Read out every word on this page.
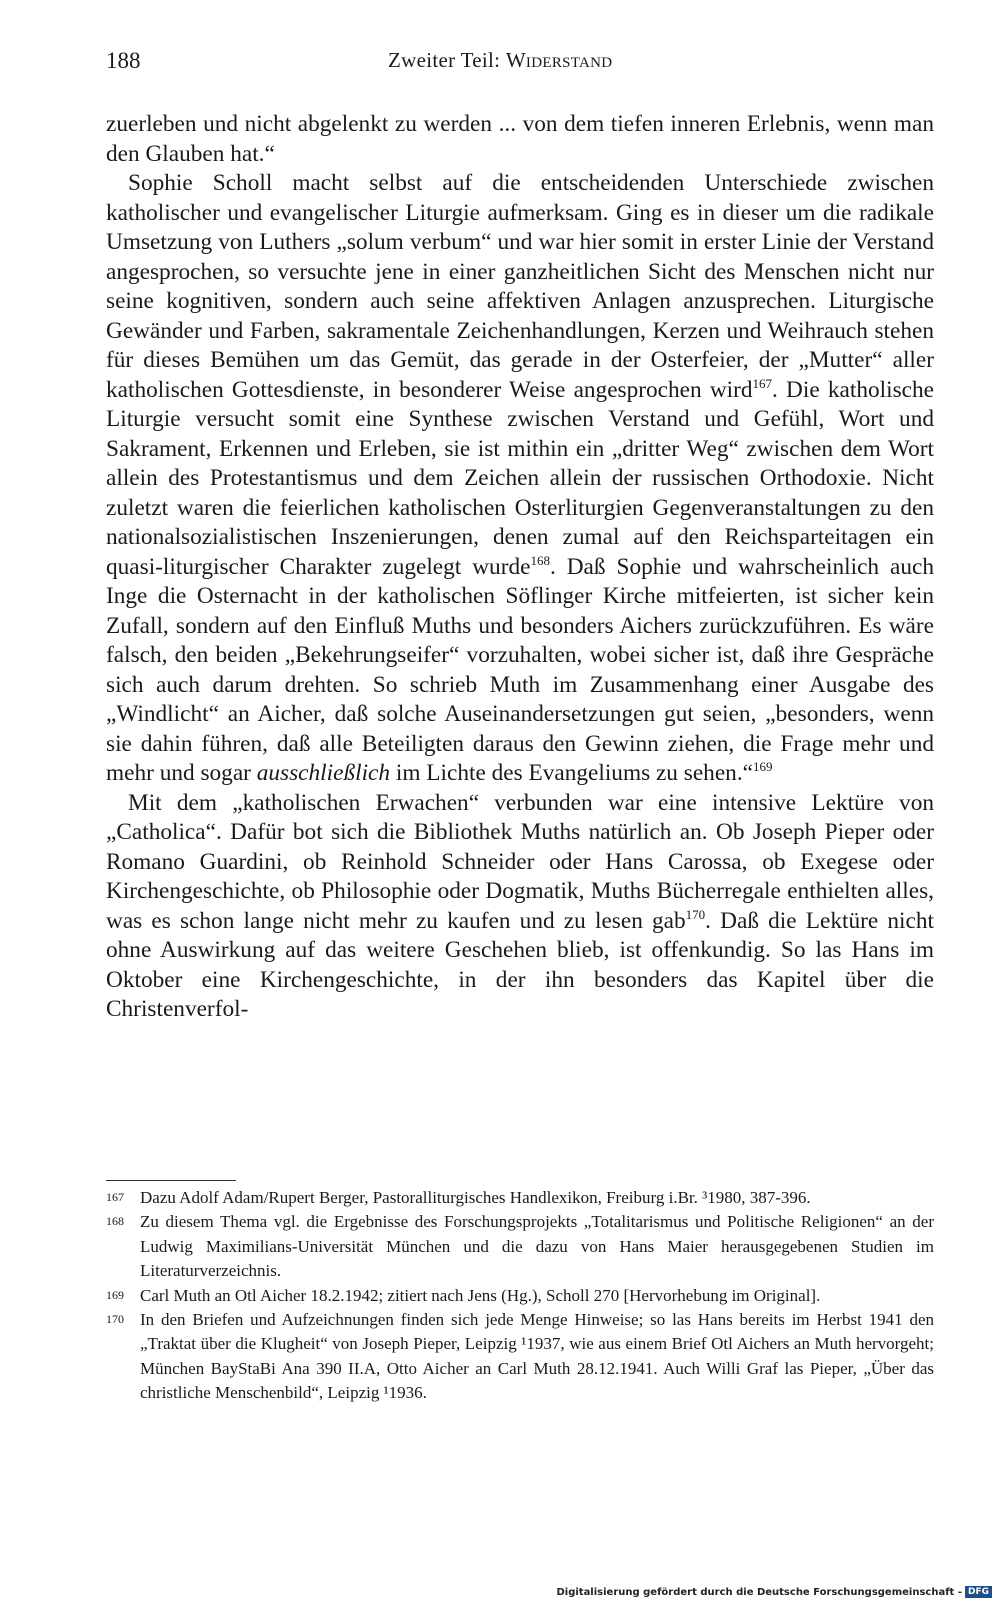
188	Zweiter Teil: Widerstand

zuerleben und nicht abgelenkt zu werden ... von dem tiefen inneren Erlebnis, wenn man den Glauben hat.“

Sophie Scholl macht selbst auf die entscheidenden Unterschiede zwischen katholischer und evangelischer Liturgie aufmerksam. Ging es in dieser um die radikale Umsetzung von Luthers „solum verbum“ und war hier somit in erster Linie der Verstand angesprochen, so versuchte jene in einer ganzheitlichen Sicht des Menschen nicht nur seine kognitiven, sondern auch seine affektiven Anlagen anzusprechen. Liturgische Gewänder und Farben, sakramentale Zeichenhandlungen, Kerzen und Weihrauch stehen für dieses Bemühen um das Gemüt, das gerade in der Osterfeier, der „Mutter“ aller katholischen Gottesdienste, in besonderer Weise angesprochen wird$^{167}$. Die katholische Liturgie versucht somit eine Synthese zwischen Verstand und Gefühl, Wort und Sakrament, Erkennen und Erleben, sie ist mithin ein „dritter Weg“ zwischen dem Wort allein des Protestantismus und dem Zeichen allein der russischen Orthodoxie. Nicht zuletzt waren die feierlichen katholischen Osterliturgien Gegenveranstaltungen zu den nationalsozialistischen Inszenierungen, denen zumal auf den Reichsparteitagen ein quasi-liturgischer Charakter zugelegt wurde$^{168}$. Daß Sophie und wahrscheinlich auch Inge die Osternacht in der katholischen Söflinger Kirche mitfeierten, ist sicher kein Zufall, sondern auf den Einfluß Muths und besonders Aichers zurückzuführen. Es wäre falsch, den beiden „Bekehrungseifer“ vorzuhalten, wobei sicher ist, daß ihre Gespräche sich auch darum drehten. So schrieb Muth im Zusammenhang einer Ausgabe des „Windlicht“ an Aicher, daß solche Auseinandersetzungen gut seien, „besonders, wenn sie dahin führen, daß alle Beteiligten daraus den Gewinn ziehen, die Frage mehr und mehr und sogar ausschließlich im Lichte des Evangeliums zu sehen.“$^{169}$

Mit dem „katholischen Erwachen“ verbunden war eine intensive Lektüre von „Catholica“. Dafür bot sich die Bibliothek Muths natürlich an. Ob Joseph Pieper oder Romano Guardini, ob Reinhold Schneider oder Hans Carossa, ob Exegese oder Kirchengeschichte, ob Philosophie oder Dogmatik, Muths Bücherregale enthielten alles, was es schon lange nicht mehr zu kaufen und zu lesen gab$^{170}$. Daß die Lektüre nicht ohne Auswirkung auf das weitere Geschehen blieb, ist offenkundig. So las Hans im Oktober eine Kirchengeschichte, in der ihn besonders das Kapitel über die Christenverfol-

167 Dazu Adolf Adam/Rupert Berger, Pastoralliturgisches Handlexikon, Freiburg i.Br. ³1980, 387-396.
168 Zu diesem Thema vgl. die Ergebnisse des Forschungsprojekts „Totalitarismus und Politische Religionen“ an der Ludwig Maximilians-Universität München und die dazu von Hans Maier herausgegebenen Studien im Literaturverzeichnis.
169 Carl Muth an Otl Aicher 18.2.1942; zitiert nach Jens (Hg.), Scholl 270 [Hervorhebung im Original].
170 In den Briefen und Aufzeichnungen finden sich jede Menge Hinweise; so las Hans bereits im Herbst 1941 den „Traktat über die Klugheit“ von Joseph Pieper, Leipzig ¹1937, wie aus einem Brief Otl Aichers an Muth hervorgeht; München BayStaBi Ana 390 II.A, Otto Aicher an Carl Muth 28.12.1941. Auch Willi Graf las Pieper, „Über das christliche Menschenbild“, Leipzig ¹1936.
Digitalisierung gefördert durch die Deutsche Forschungsgemeinschaft - DFG
